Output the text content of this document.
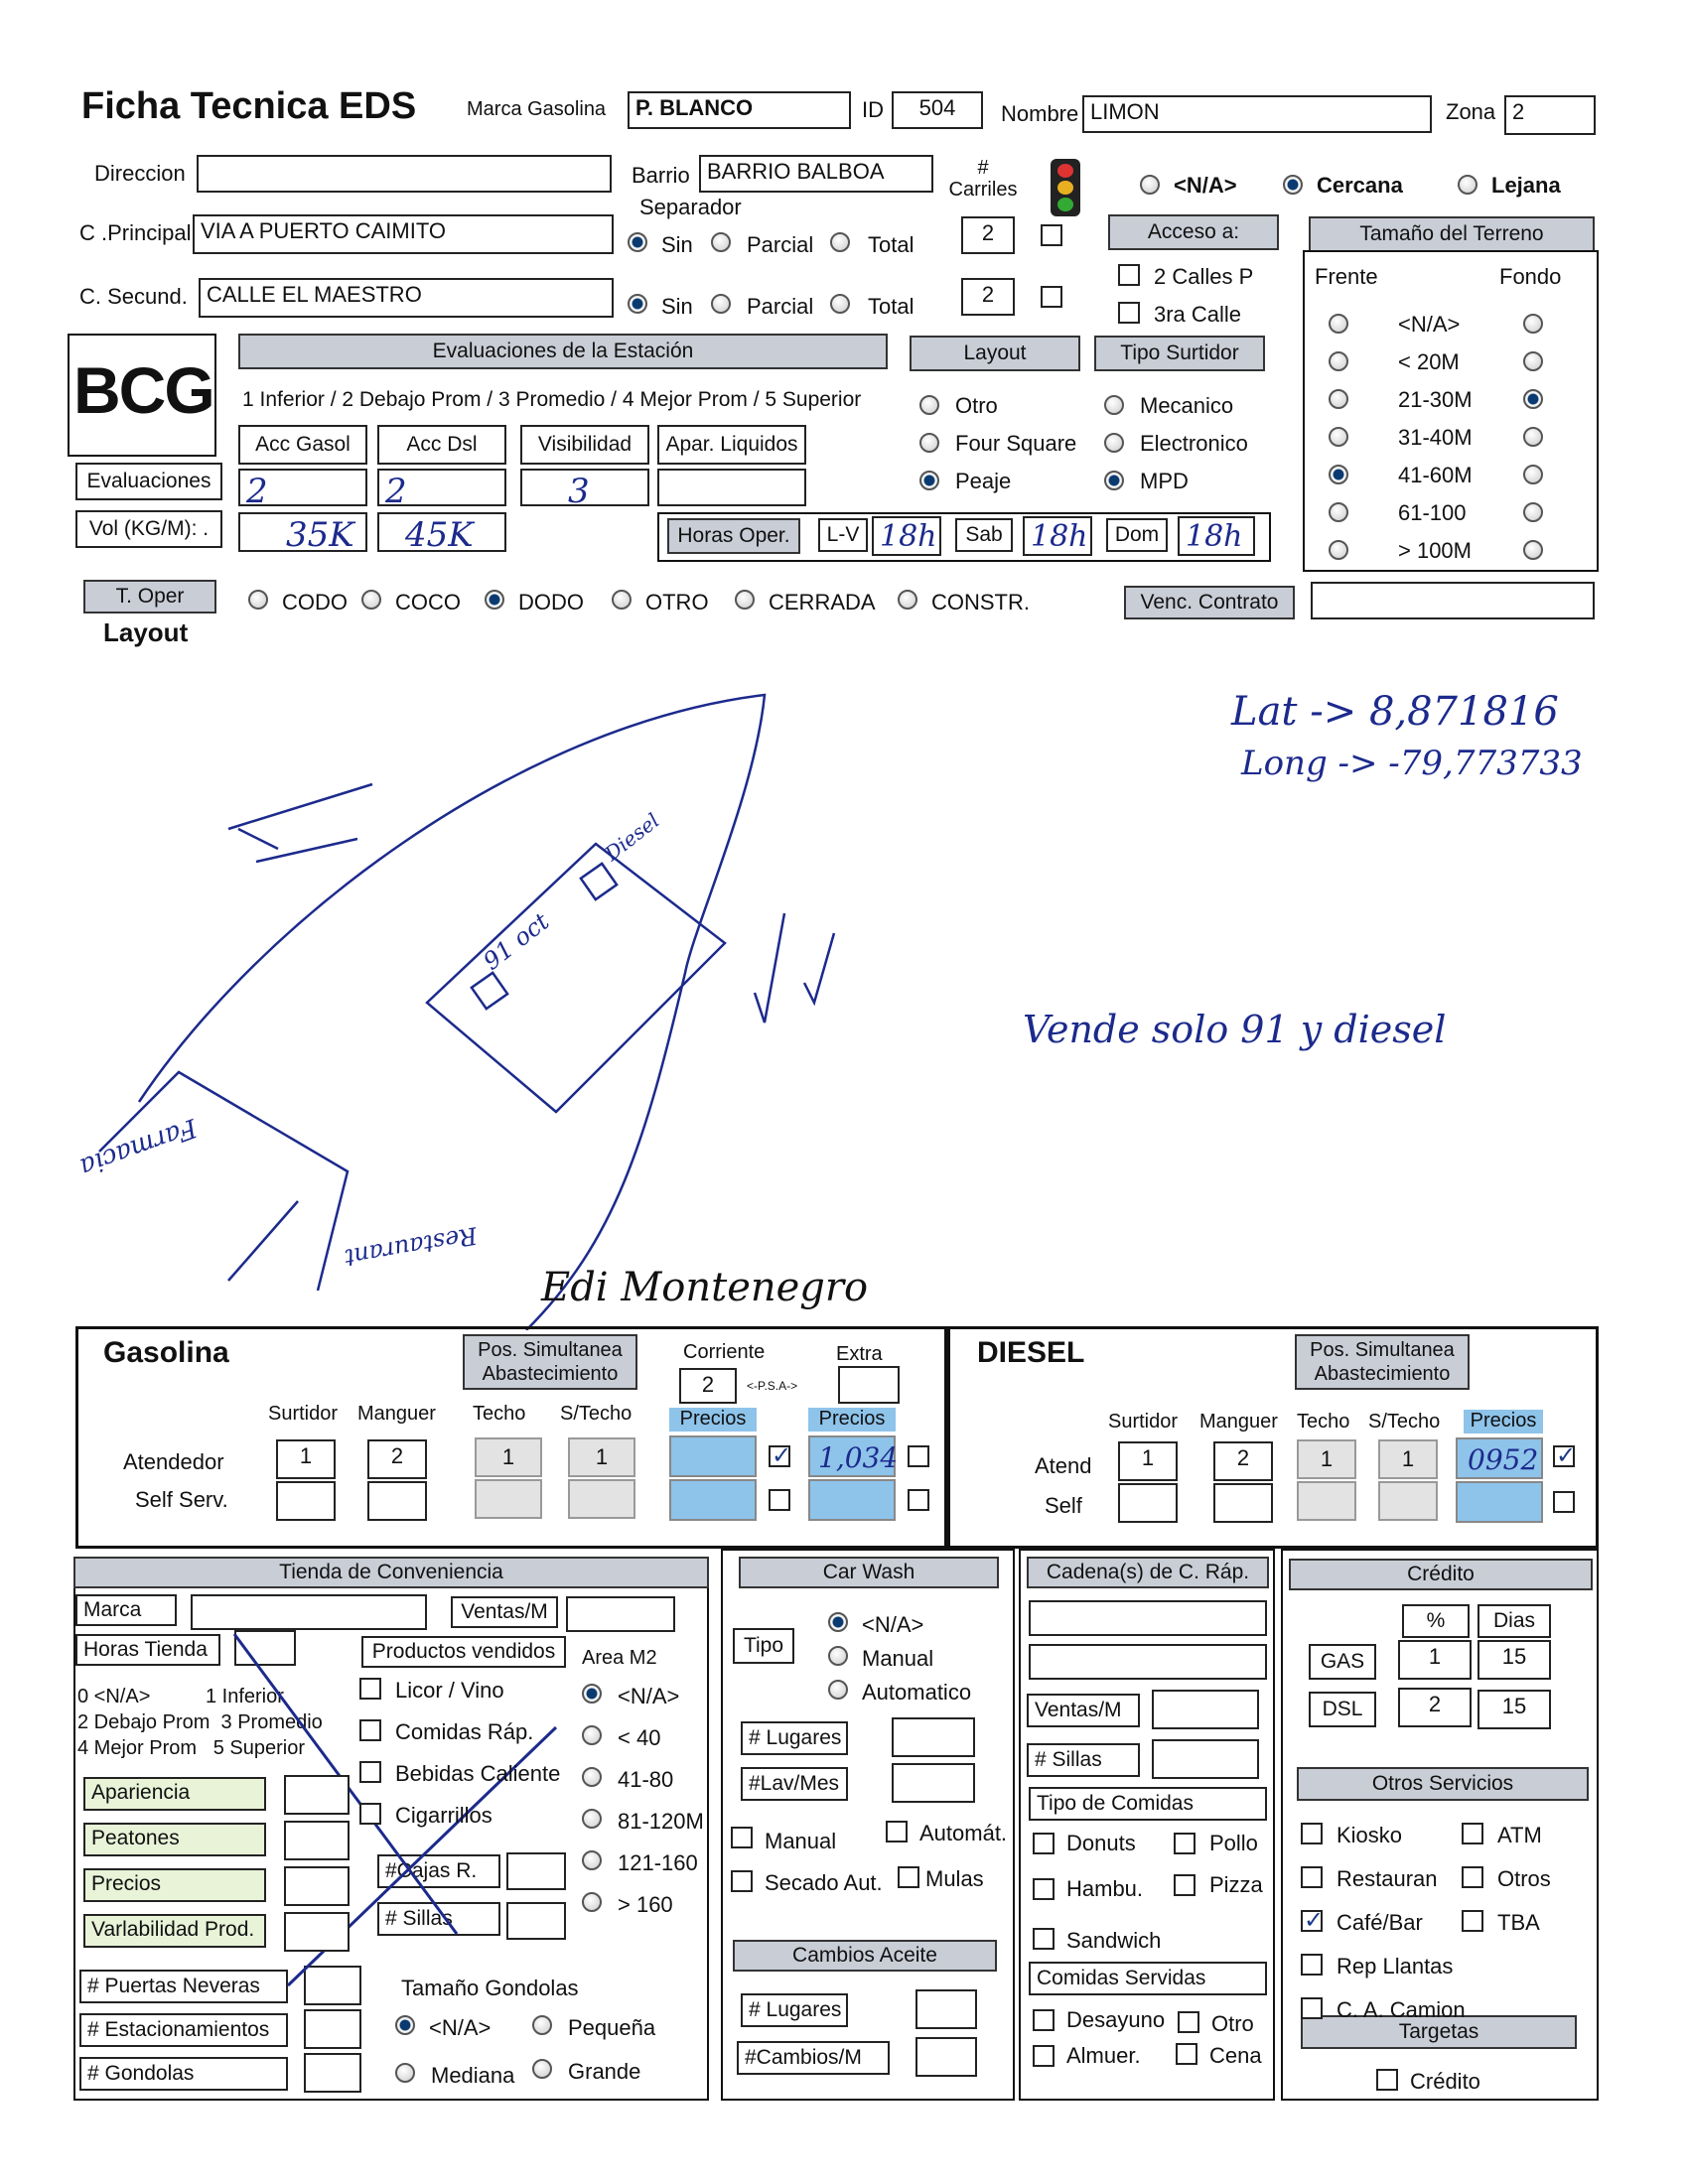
Ficha Tecnica EDS	Marca Gasolina	P. BLANCO	ID	504	Nombre LIMON	Zona 2
Direccion	Barrio BARRIO BALBOA	# Carriles	<N/A>	Cercana	Lejana
Separador
C .Principal VIA A PUERTO CAIMITO
Sin Parcial Total	2	Acceso a:
2 Calles P
3ra Calle
Tamaño del Terreno
Frente	Fondo
C. Secund. CALLE EL MAESTRO	Sin Parcial Total	2
BCG
Evaluaciones de la Estación
1 Inferior / 2 Debajo Prom / 3 Promedio / 4 Mejor Prom / 5 Superior
Acc Gasol	Acc Dsl	Visibilidad	Apar. Liquidos
Evaluaciones	2	2	3
Vol (KG/M): .	35K	45K
Layout	Tipo Surtidor
Otro
Four Square
Peaje
Mecanico
Electronico
MPD
Horas Oper.	L-V 18h	Sab 18h	Dom 18h
T. Oper	Venc. Contrato
Layout
91 oct
Diesel
Farmacia
Restaurant
Lat -> 8,871816
Long -> -79,773733
Vende solo 91 y diesel
Edi Montenegro
Gasolina	Pos. Simultanea Abastecimiento
Corriente	Extra
2	<-P.S.A->
Surtidor Manguer Techo S/Techo	Precios	Precios
Atendedor	1	2	1	1
✓	1,034
Self Serv.
DIESEL	Pos. Simultanea Abastecimiento
Surtidor Manguer Techo S/Techo	Precios
Atend	1	2	1	1	0952
✓
Self
Tienda de Conveniencia
Marca	Ventas/M
Horas Tienda	Productos vendidos	Area M2
0 <N/A>	1 Inferior
2 Debajo Prom 3 Promedio
4 Mejor Prom 5 Superior
#Cajas R.
# Sillas
# Puertas Neveras
# Estacionamientos
# Gondolas
Tamaño Gondolas
<N/A>	Pequeña
Mediana Grande
Car Wash
Tipo
<N/A>
Manual
Automatico
# Lugares
#Lav/Mes
Manual	Automát.
Secado Aut. Mulas
Cambios Aceite
# Lugares
#Cambios/M
Cadena(s) de C. Ráp.
Ventas/M
# Sillas
Tipo de Comidas
Donuts	Pollo
Hambu.	Pizza
Sandwich
Comidas Servidas
Desayuno Otro
Almuer.	Cena
Crédito
%	Dias
GAS	1	15
DSL	2	15
Otros Servicios
Targetas
Crédito
<N/A>
< 20M
21-30M
31-40M
41-60M
61-100
> 100M
CODO COCO	DODO	OTRO	CERRADA	CONSTR.
Licor / Vino
Comidas Ráp.
Bebidas Caliente
Cigarrillos
<N/A>
< 40
41-80
81-120M
121-160
> 160
Apariencia
Peatones
Precios
Varlabilidad Prod.
Kiosko	ATM
Restauran	Otros
✓
Café/Bar	TBA
Rep Llantas
C. A. Camion
